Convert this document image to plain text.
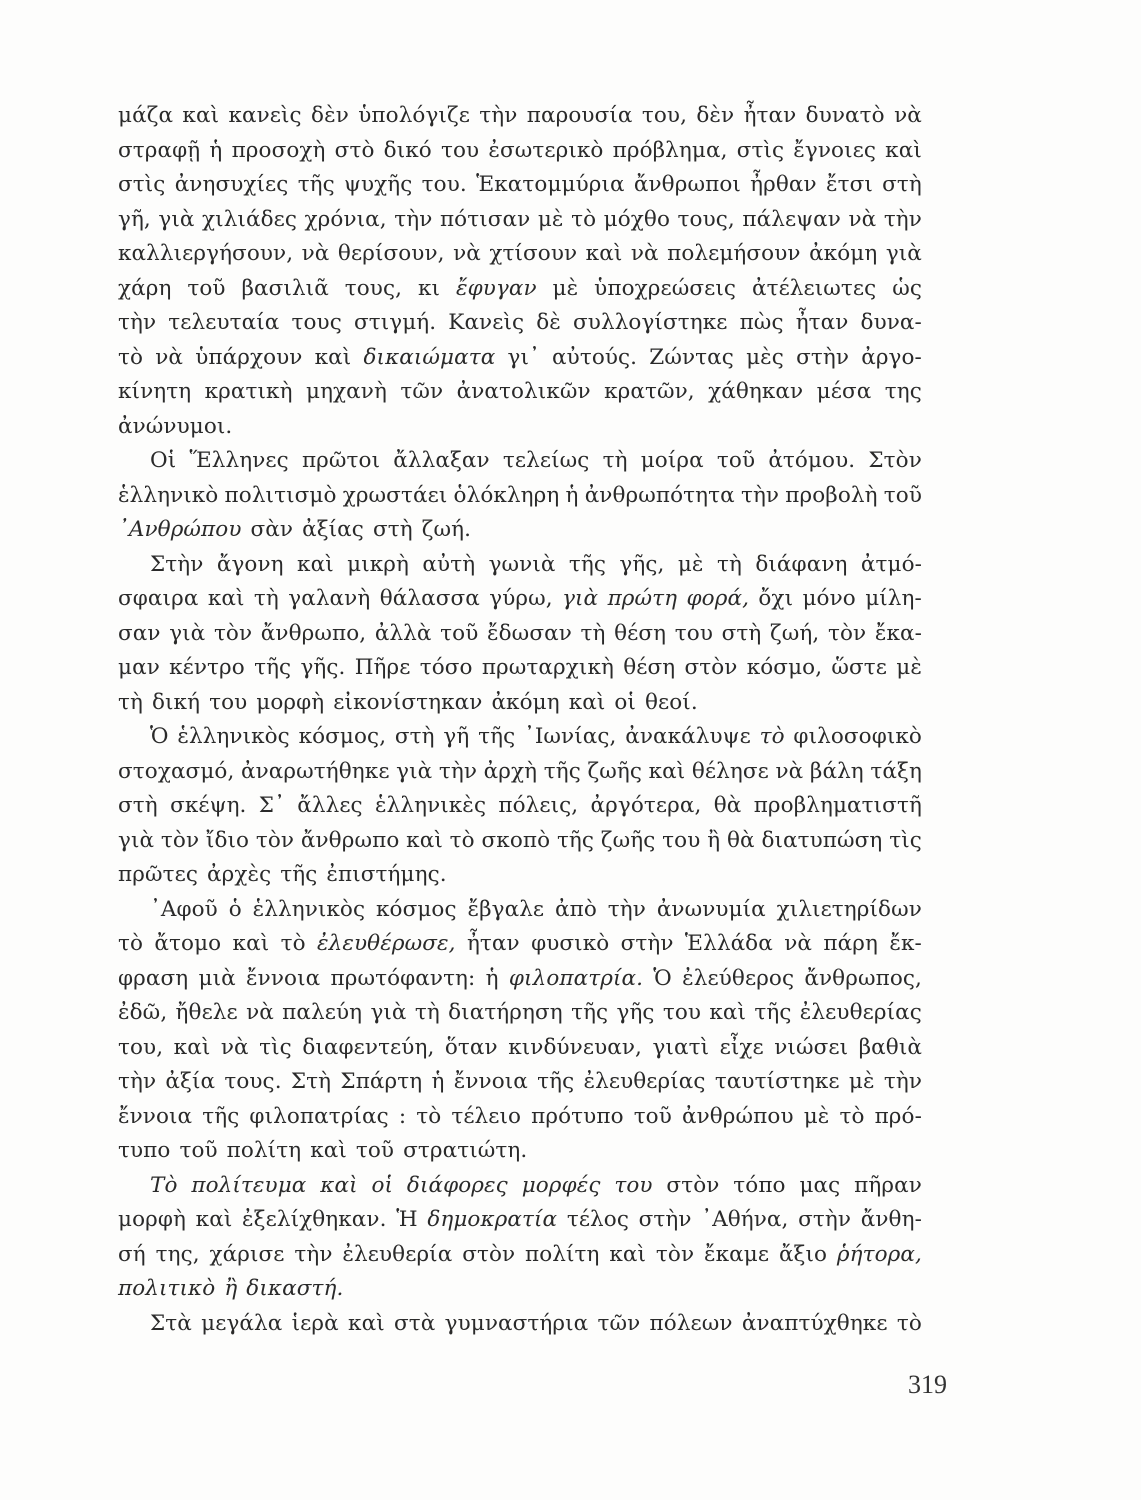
μάζα καὶ κανεὶς δὲν ὑπολόγιζε τὴν παρουσία του, δὲν ἦταν δυνατὸ νὰ
στραφῇ ἡ προσοχὴ στὸ δικό του ἐσωτερικὸ πρόβλημα, στὶς ἔγνοιες καὶ
στὶς ἀνησυχίες τῆς ψυχῆς του. Ἑκατομμύρια ἄνθρωποι ἦρθαν ἔτσι στὴ
γῆ, γιὰ χιλιάδες χρόνια, τὴν πότισαν μὲ τὸ μόχθο τους, πάλεψαν νὰ τὴν
καλλιεργήσουν, νὰ θερίσουν, νὰ χτίσουν καὶ νὰ πολεμήσουν ἀκόμη γιὰ
χάρη τοῦ βασιλιᾶ τους, κι ἔφυγαν μὲ ὑποχρεώσεις ἀτέλειωτες ὡς
τὴν τελευταία τους στιγμή. Κανεὶς δὲ συλλογίστηκε πὼς ἦταν δυνα-
τὸ νὰ ὑπάρχουν καὶ δικαιώματα γι᾿ αὐτούς. Ζώντας μὲς στὴν ἀργο-
κίνητη κρατικὴ μηχανὴ τῶν ἀνατολικῶν κρατῶν, χάθηκαν μέσα της
ἀνώνυμοι.
Οἱ Ἕλληνες πρῶτοι ἄλλαξαν τελείως τὴ μοίρα τοῦ ἀτόμου. Στὸν
ἑλληνικὸ πολιτισμὸ χρωστάει ὁλόκληρη ἡ ἀνθρωπότητα τὴν προβολὴ τοῦ
᾿Ανθρώπου σὰν ἀξίας στὴ ζωή.
Στὴν ἄγονη καὶ μικρὴ αὐτὴ γωνιὰ τῆς γῆς, μὲ τὴ διάφανη ἀτμό-
σφαιρα καὶ τὴ γαλανὴ θάλασσα γύρω, γιὰ πρώτη φορά, ὄχι μόνο μίλη-
σαν γιὰ τὸν ἄνθρωπο, ἀλλὰ τοῦ ἔδωσαν τὴ θέση του στὴ ζωή, τὸν ἔκα-
μαν κέντρο τῆς γῆς. Πῆρε τόσο πρωταρχικὴ θέση στὸν κόσμο, ὥστε μὲ
τὴ δική του μορφὴ εἰκονίστηκαν ἀκόμη καὶ οἱ θεοί.
Ὁ ἑλληνικὸς κόσμος, στὴ γῆ τῆς ᾿Ιωνίας, ἀνακάλυψε τὸ φιλοσοφικὸ
στοχασμό, ἀναρωτήθηκε γιὰ τὴν ἀρχὴ τῆς ζωῆς καὶ θέλησε νὰ βάλη τάξη
στὴ σκέψη. Σ᾿ ἄλλες ἑλληνικὲς πόλεις, ἀργότερα, θὰ προβληματιστῆ
γιὰ τὸν ἴδιο τὸν ἄνθρωπο καὶ τὸ σκοπὸ τῆς ζωῆς του ἢ θὰ διατυπώση τὶς
πρῶτες ἀρχὲς τῆς ἐπιστήμης.
᾿Αφοῦ ὁ ἑλληνικὸς κόσμος ἔβγαλε ἀπὸ τὴν ἀνωνυμία χιλιετηρίδων
τὸ ἄτομο καὶ τὸ ἐλευθέρωσε, ἦταν φυσικὸ στὴν Ἑλλάδα νὰ πάρη ἔκ-
φραση μιὰ ἔννοια πρωτόφαντη: ἡ φιλοπατρία. Ὁ ἐλεύθερος ἄνθρωπος,
ἐδῶ, ἤθελε νὰ παλεύη γιὰ τὴ διατήρηση τῆς γῆς του καὶ τῆς ἐλευθερίας
του, καὶ νὰ τὶς διαφεντεύη, ὅταν κινδύνευαν, γιατὶ εἶχε νιώσει βαθιὰ
τὴν ἀξία τους. Στὴ Σπάρτη ἡ ἔννοια τῆς ἐλευθερίας ταυτίστηκε μὲ τὴν
ἔννοια τῆς φιλοπατρίας : τὸ τέλειο πρότυπο τοῦ ἀνθρώπου μὲ τὸ πρό-
τυπο τοῦ πολίτη καὶ τοῦ στρατιώτη.
Τὸ πολίτευμα καὶ οἱ διάφορες μορφές του στὸν τόπο μας πῆραν
μορφὴ καὶ ἐξελίχθηκαν. Ἡ δημοκρατία τέλος στὴν ᾿Αθήνα, στὴν ἄνθη-
σή της, χάρισε τὴν ἐλευθερία στὸν πολίτη καὶ τὸν ἔκαμε ἄξιο ῥήτορα,
πολιτικὸ ἢ δικαστή.
Στὰ μεγάλα ἱερὰ καὶ στὰ γυμναστήρια τῶν πόλεων ἀναπτύχθηκε τὸ
319
